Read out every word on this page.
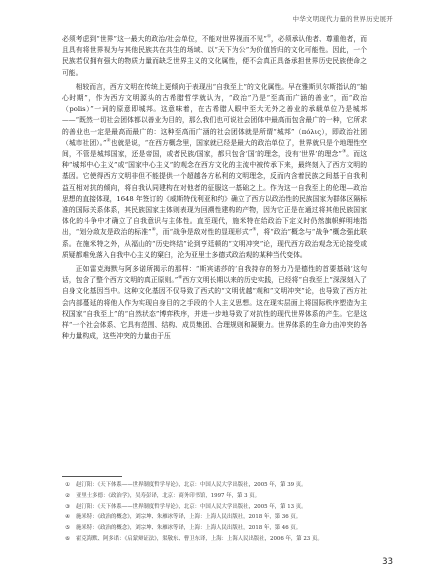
中华文明现代力量的世界历史展开

必须考虑到“世界”这一最大的政治/社会单位，不能对世界视而不见”①，必须承认他者、尊重他者，而且具有将世界视为与其他民族共在共生的场域、以“天下为公”为价值旨归的文化可能性。因此，一个民族若仅拥有强大的物质力量而缺乏世界主义的文化属性，便不会真正具备承担世界历史民族使命之可能。

相较而言，西方文明在传统上更倾向于表现出“自我至上”的文化属性。早在雅斯贝尔斯指认的“轴心时期”，作为西方文明源头的古希腊哲学就认为，“政治”乃是“至高而广涵的善业”，而“政治（polis）”一词的原意即城邦。这意味着，在古希腊人眼中至大无外之善业的承载单位乃是城邦——“既然一切社会团体都以善业为目的，那么我们也可说社会团体中最高而包含最广的一种，它所求的善业也一定是最高而最广的：这种至高而广涵的社会团体就是所谓“城邦”（πόλις），即政治社团（城市社团）。”②也就是说，“在西方概念里，国家就已经是最大的政治单位了，世界就只是个地理性空间，不管是城邦国家，还是帝国，或者民族/国家，都只包含‘国’的理念，没有‘世界’的理念”③。而这种“城邦中心主义”或“国家中心主义”的观念在西方文化的主流中被传承下来，最终刻入了西方文明的基因。它使得西方文明非但不能提供一个超越各方私利的文明理念，反而内含着民族之间基于自我利益互相对抗的倾向，将自我认同建构在对他者的征服这一基础之上。作为这一自我至上的伦理—政治思想的直接体现，1648 年签订的《威斯特伐利亚和约》确立了西方以政治性的民族国家为群体区隔标准的国际关系体系，其民族国家主体则表现为回溯性建构的产物，因为它正是在通过将其他民族国家体化的斗争中才确立了自我意识与主体性。直至现代，施米特在给政治下定义时仍然旗帜鲜明地指出，“划分敌友是政治的标准”④，而“战争是敌对性的显现形式”⑤，将“政治”概念与“战争”概念强此联系。在施米特之外，从福山的“历史终结”论到亨廷顿的“文明冲突”论，现代西方政治观念无论接受或质疑都难免落入自我中心主义的窠臼，沦为亚里士多德式政治观的某种当代变体。

正如雷克海默与阿多诺所揭示的那样：“斯宾诺莎的‘自我持存的努力乃是德性的首要基础’这句话，包含了整个西方文明的真正原则。”⑥西方文明长期以来的历史实践，已经将“自我至上”深深刻入了自身文化基因当中。这种文化基因不仅导致了西式的“文明优越”观和“文明冲突”论，也导致了西方社会内部蔓延的将他人作为实现自身目的之手段的个人主义思想。这在现实层面上将国际秩序塑造为主权国家“自我至上”的“自然状态”博弈秩序，并进一步地导致了对抗性的现代世界体系的产生。它是这样“一个社会体系、它具有范围、结构、成员集团、合理规则和凝聚力。世界体系的生命力由冲突的各种力量构成，这些冲突的力量由于压

① 赵汀阳：《天下体系——世界制度哲学导论》，北京：中国人民大学出版社，2005 年，第 39 页。

② 亚里士多德：《政治学》，吴寿彭译，北京：商务印书馆，1997 年，第 3 页。

③ 赵汀阳：《天下体系——世界制度哲学导论》，北京：中国人民大学出版社，2005 年，第 13 页。

④ 施米特：《政治的概念》，刘宗坤、朱雁冰等译，上海：上海人民出版社，2018 年，第 36 页。

⑤ 施米特：《政治的概念》，刘宗坤、朱雁冰等译，上海：上海人民出版社，2018 年，第 46 页。

⑥ 霍克海默、阿多诺：《启蒙辩证法》，渠敬东、曹卫东译，上海：上海人民出版社，2006 年，第 23 页。

33
